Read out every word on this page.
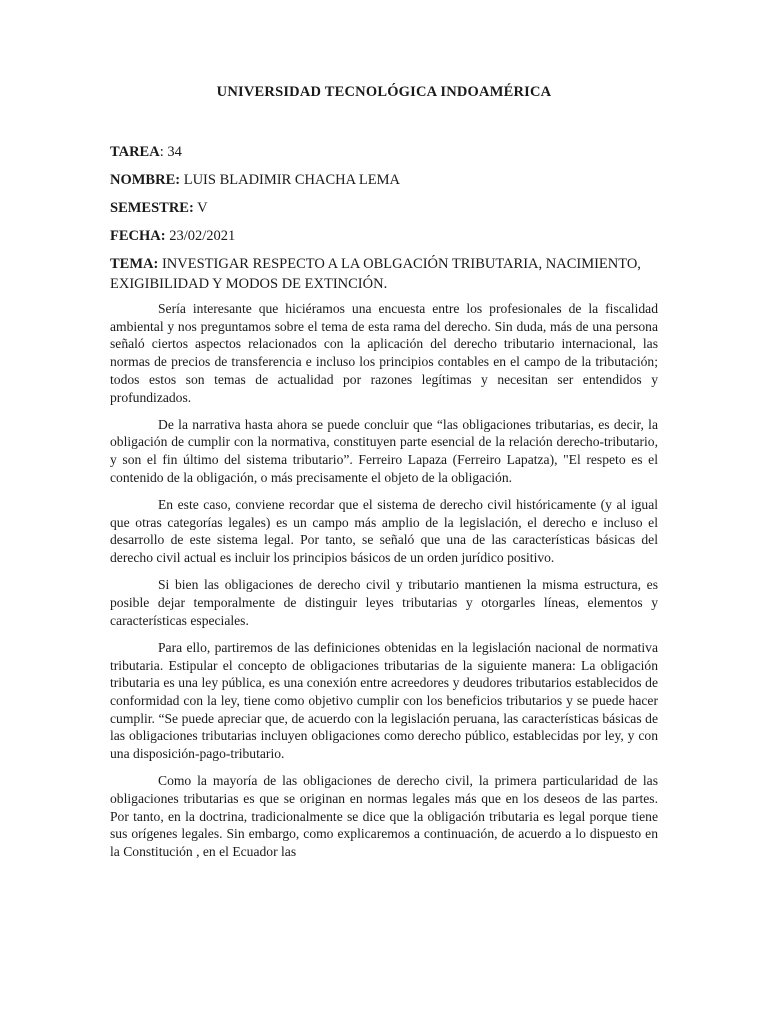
UNIVERSIDAD TECNOLÓGICA INDOAMÉRICA
TAREA: 34
NOMBRE: LUIS BLADIMIR CHACHA LEMA
SEMESTRE: V
FECHA: 23/02/2021
TEMA: INVESTIGAR RESPECTO A LA OBLGACIÓN TRIBUTARIA, NACIMIENTO, EXIGIBILIDAD Y MODOS DE EXTINCIÓN.

Sería interesante que hiciéramos una encuesta entre los profesionales de la fiscalidad ambiental y nos preguntamos sobre el tema de esta rama del derecho. Sin duda, más de una persona señaló ciertos aspectos relacionados con la aplicación del derecho tributario internacional, las normas de precios de transferencia e incluso los principios contables en el campo de la tributación; todos estos son temas de actualidad por razones legítimas y necesitan ser entendidos y profundizados.

De la narrativa hasta ahora se puede concluir que “las obligaciones tributarias, es decir, la obligación de cumplir con la normativa, constituyen parte esencial de la relación derecho-tributario, y son el fin último del sistema tributario”. Ferreiro Lapaza (Ferreiro Lapatza), "El respeto es el contenido de la obligación, o más precisamente el objeto de la obligación.

En este caso, conviene recordar que el sistema de derecho civil históricamente (y al igual que otras categorías legales) es un campo más amplio de la legislación, el derecho e incluso el desarrollo de este sistema legal. Por tanto, se señaló que una de las características básicas del derecho civil actual es incluir los principios básicos de un orden jurídico positivo.

Si bien las obligaciones de derecho civil y tributario mantienen la misma estructura, es posible dejar temporalmente de distinguir leyes tributarias y otorgarles líneas, elementos y características especiales.

Para ello, partiremos de las definiciones obtenidas en la legislación nacional de normativa tributaria. Estipular el concepto de obligaciones tributarias de la siguiente manera: La obligación tributaria es una ley pública, es una conexión entre acreedores y deudores tributarios establecidos de conformidad con la ley, tiene como objetivo cumplir con los beneficios tributarios y se puede hacer cumplir. “Se puede apreciar que, de acuerdo con la legislación peruana, las características básicas de las obligaciones tributarias incluyen obligaciones como derecho público, establecidas por ley, y con una disposición-pago-tributario.

Como la mayoría de las obligaciones de derecho civil, la primera particularidad de las obligaciones tributarias es que se originan en normas legales más que en los deseos de las partes. Por tanto, en la doctrina, tradicionalmente se dice que la obligación tributaria es legal porque tiene sus orígenes legales. Sin embargo, como explicaremos a continuación, de acuerdo a lo dispuesto en la Constitución , en el Ecuador las
